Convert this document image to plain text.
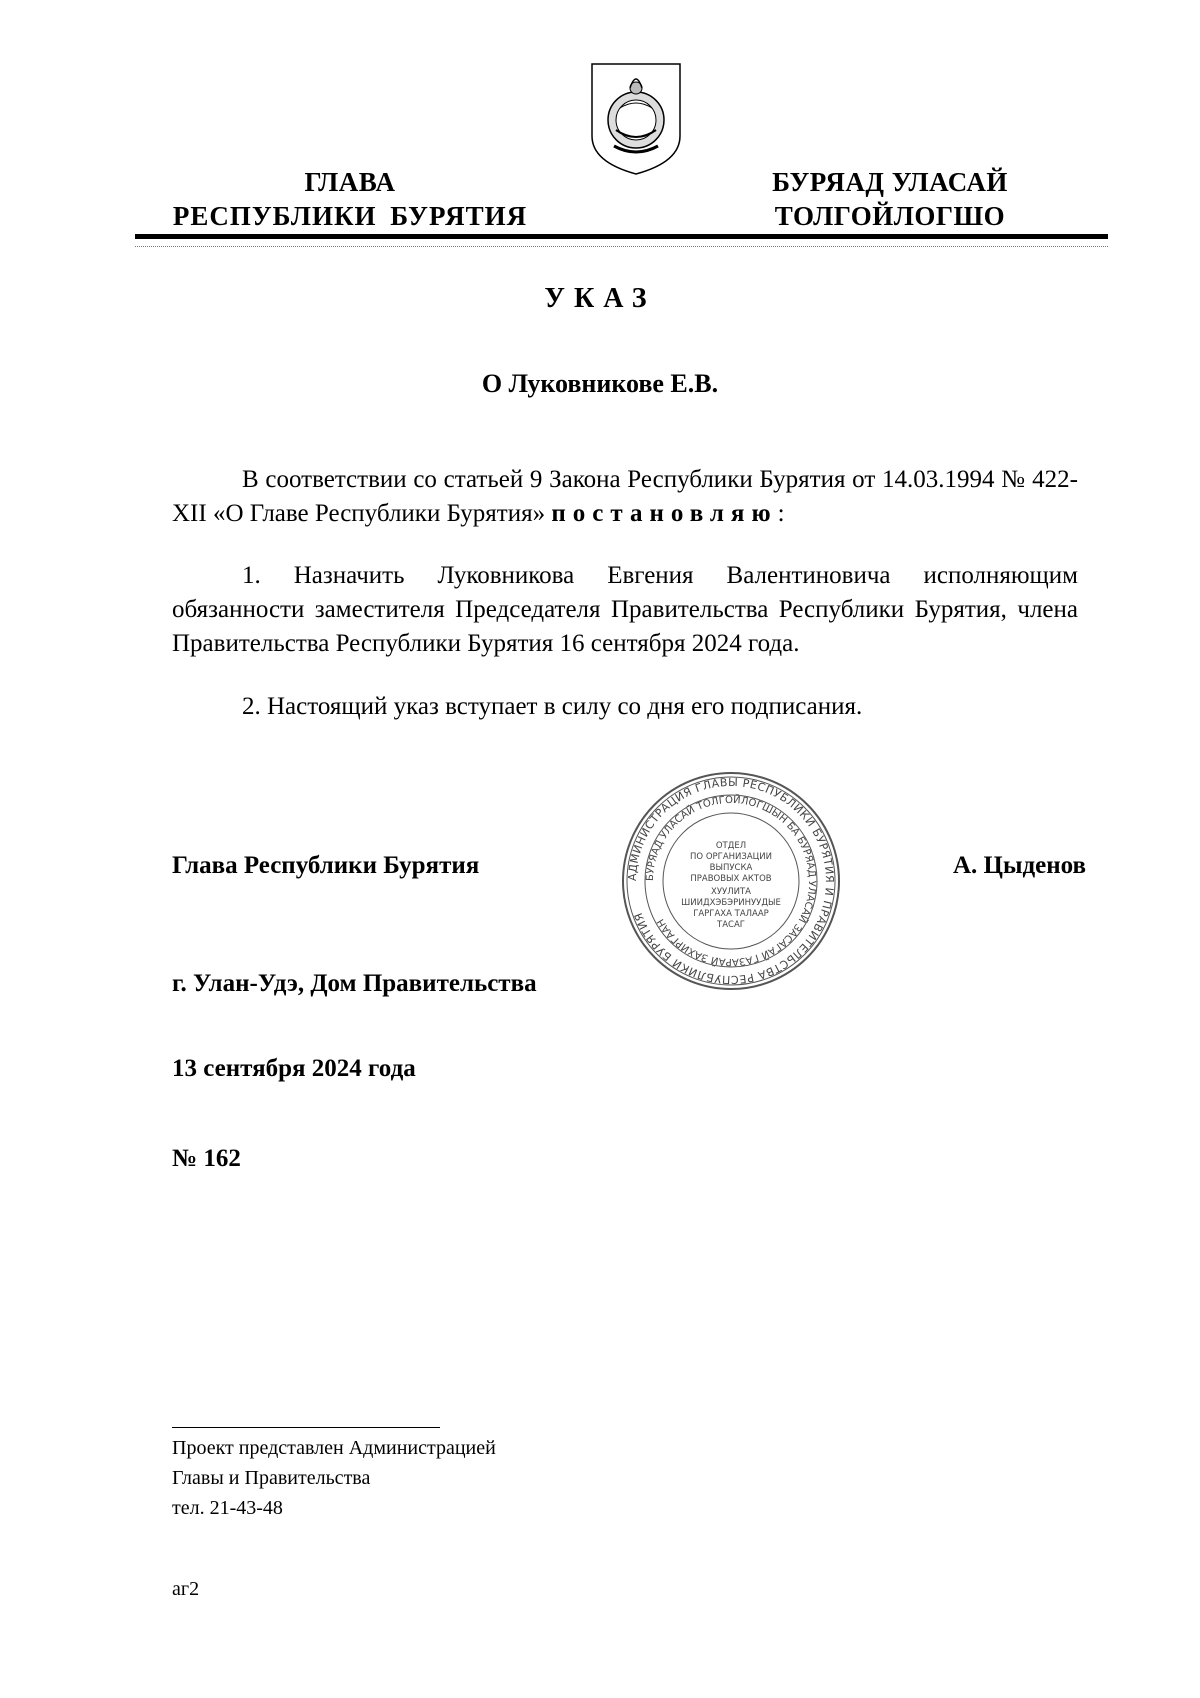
ГЛАВА
РЕСПУБЛИКИ БУРЯТИЯ
БУРЯАД УЛАСАЙ
ТОЛГОЙЛОГШО
УКАЗ
О Луковникове Е.В.

В соответствии со статьей 9 Закона Республики Бурятия от 14.03.1994 № 422-XII «О Главе Республики Бурятия» постановляю:

1. Назначить Луковникова Евгения Валентиновича исполняющим обязанности заместителя Председателя Правительства Республики Бурятия, члена Правительства Республики Бурятия 16 сентября 2024 года.

2. Настоящий указ вступает в силу со дня его подписания.

Глава Республики Бурятия	А. Цыденов
АДМИНИСТРАЦИЯ ГЛАВЫ РЕСПУБЛИКИ БУРЯТИЯ И ПРАВИТЕЛЬСТВА РЕСПУБЛИКИ БУРЯТИЯ
БУРЯАД УЛАСАЙ ТОЛГОЙЛОГШЫН БА БУРЯАД УЛАСАЙ ЗАСАГАЙ ГАЗАРАЙ ЗАХИРГААН
ОТДЕЛ
ПО ОРГАНИЗАЦИИ
ВЫПУСКА
ПРАВОВЫХ АКТОВ
ХУУЛИТА
ШИИДХЭБЭРИНУУДЫЕ
ГАРГАХА ТАЛААР
ТАСАГ
г. Улан-Удэ, Дом Правительства
13 сентября 2024 года
№ 162
Проект представлен Администрацией
Главы и Правительства
тел. 21-43-48
аг2
